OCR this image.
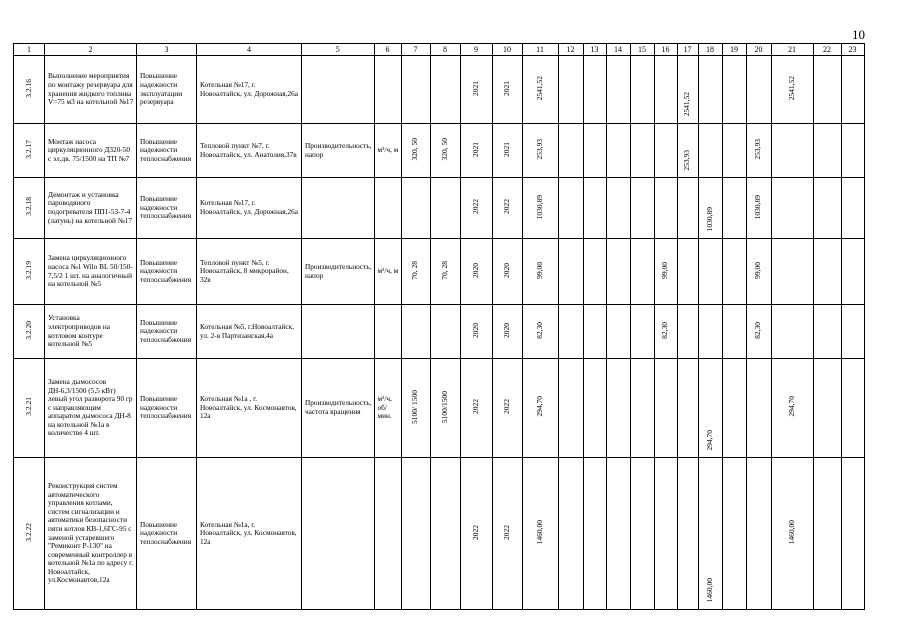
10
1	2	3	4	5	6	7	8	9	10	11	12	13	14	15	16	17	18	19	20	21	22	23
3.2.16	Выполнение мероприятия по монтажу резервуара для хранения жидкого топлива V=75 м3 на котельной №17	Повышение надежности эксплуатации резервуара	Котельная №17, г. Новоалтайск, ул. Дорожная,26а					2021	2021	2541,52						2541,52				2541,52		
3.2.17	Монтаж насоса циркуляционного Д320-50 с эл.дв. 75/1500 на ТП №7	Повышение надежности теплоснабжения	Тепловой пункт №7, г. Новоалтайск, ул. Анатолия,37в	Производительность, напор	м³/ч, м	320, 50	320, 50	2021	2021	253,93						253,93			253,93			
3.2.18	Демонтаж и установка пароводяного подогревателя ПП1-53-7-4 (латунь) на котельной №17	Повышение надежности теплоснабжения	Котельная №17, г. Новоалтайск, ул. Дорожная,26а					2022	2022	1030,89							1030,89		1030,89			
3.2.19	Замена циркуляционного насоса №1 Wilo BL 50/150-7,5/2 1 шт. на аналогичный на котельной №5	Повышение надежности теплоснабжения	Тепловой пункт №5, г. Новоалтайск, 8 микрорайон, 32в	Производительность, напор	м³/ч, м	70, 28	70, 28	2020	2020	99,00					99,00				99,00			
3.2.20	Установка электроприводов на котловом контуре котельной №5	Повышение надежности теплоснабжения	Котельная №5, г.Новоалтайск, ул. 2-я Партизанская,4а					2020	2020	82,30					82,30				82,30			
3.2.21	Замена дымососов ДН-6,3/1500 (5,5 кВт) левый угол разворота 90 гр с направляющим аппаратом дымососа ДН-8 на котельной №1а в количестве 4 шт.	Повышение надежности теплоснабжения	Котельная №1а , г. Новоалтайск, ул. Космонавтов, 12а	Производительность, частота вращения	м³/ч, об/мин.	5100/ 1500	5100/1500	2022	2022	294,70							294,70			294,70		
3.2.22	Реконструкция систем автоматического управления котлами, систем сигнализации и автоматики безопасности пяти котлов КВ-1,6ГС-95 с заменой устаревшего "Ремиконт Р-130" на современный контроллер в котельной №1а по адресу г. Новоалтайск, ул.Космонавтов,12а	Повышение надежности теплоснабжения	Котельная №1а, г. Новоалтайск, ул. Космонавтов, 12а					2022	2022	1460,00							1460,00			1460,00		
